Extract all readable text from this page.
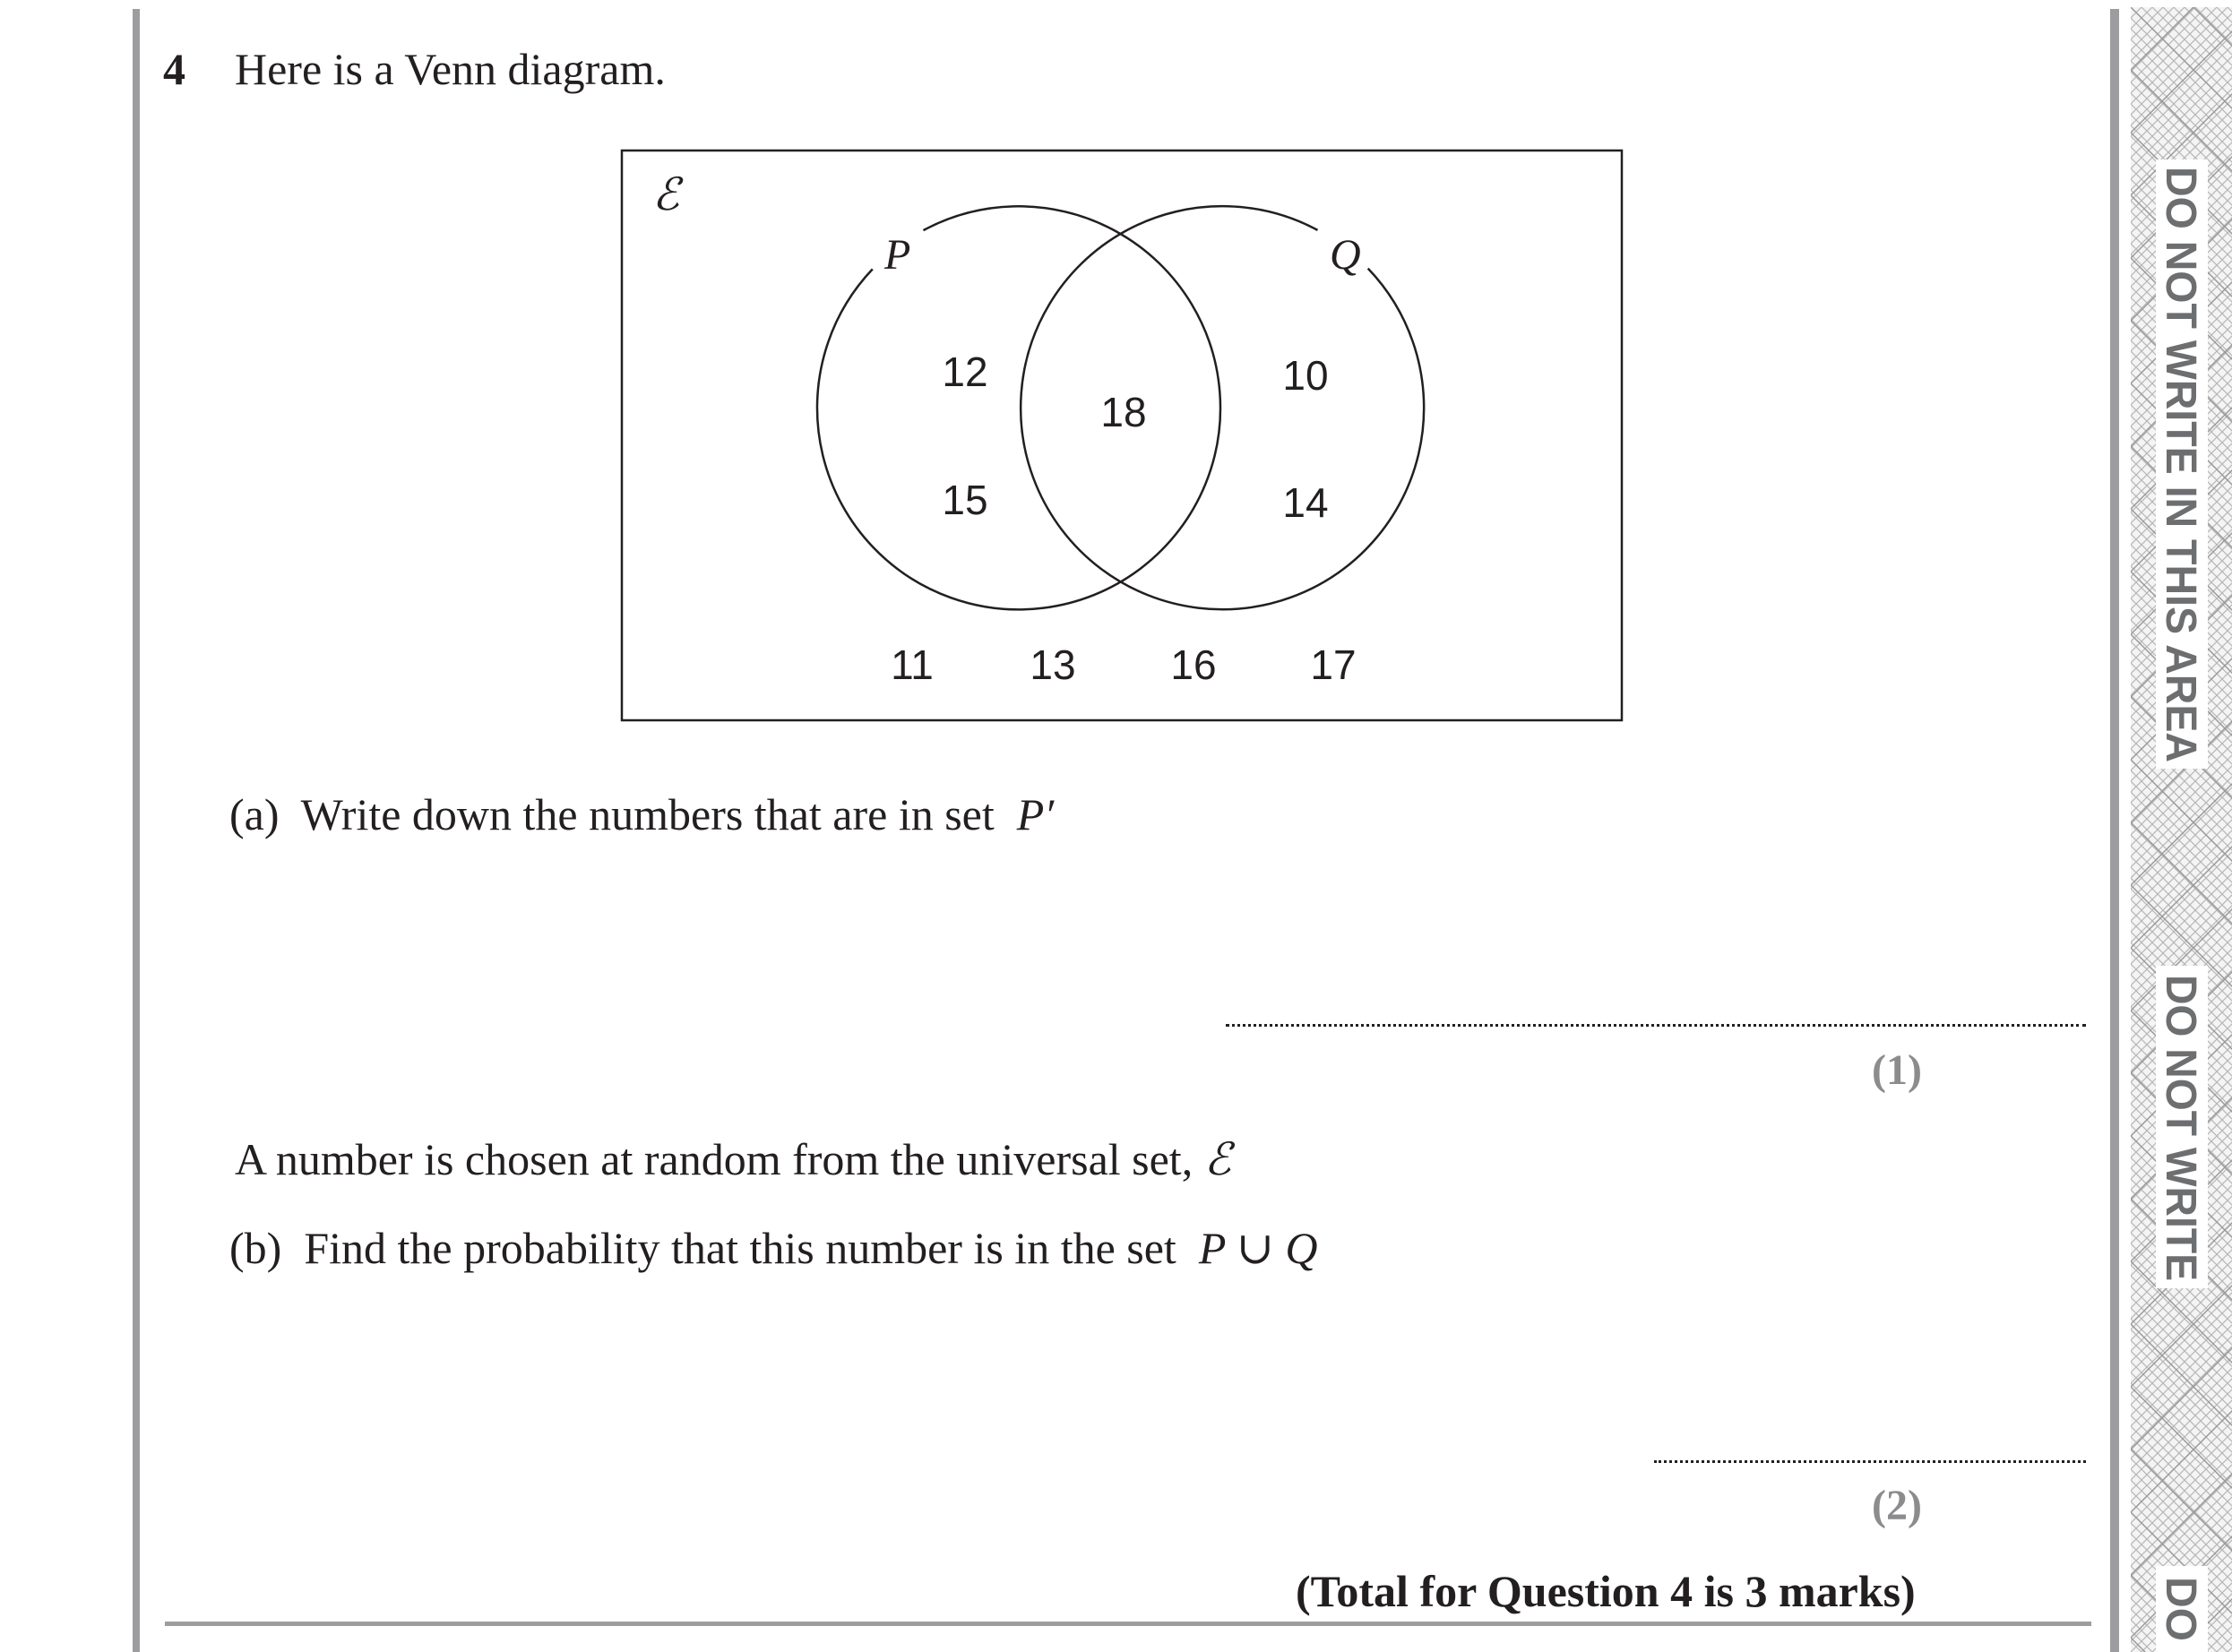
4 Here is a Venn diagram.
ℰ
P	Q
12
15
18
10
14
11 13 16 17
(a) Write down the numbers that are in set P′
(1)
A number is chosen at random from the universal set, ℰ
(b) Find the probability that this number is in the set P ∪ Q
(2)
(Total for Question 4 is 3 marks)
DO NOT WRITE IN THIS AREA
DO NOT WRITE
DO
